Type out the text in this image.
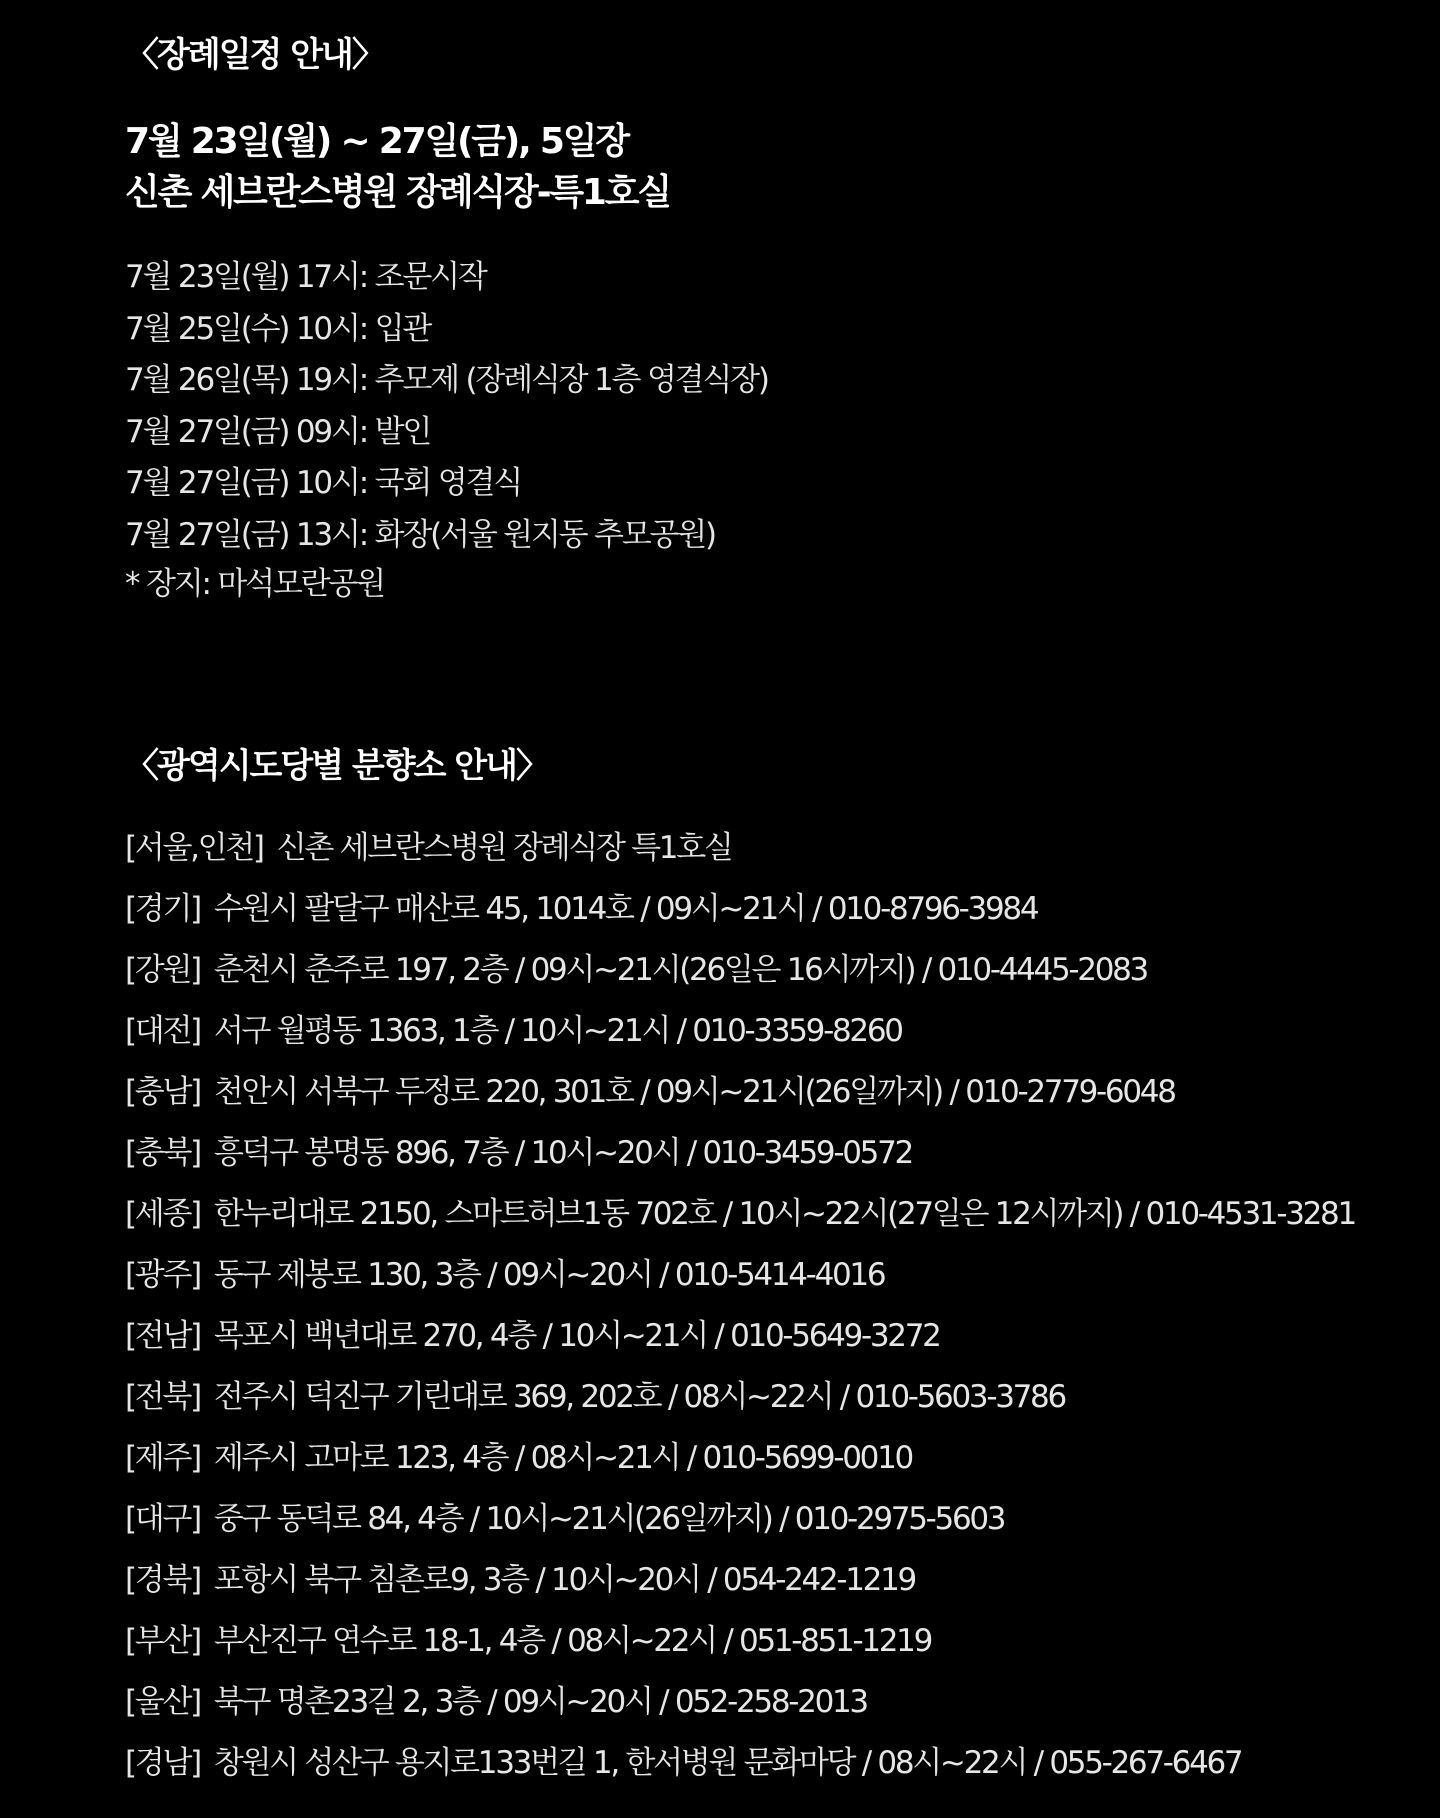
〈장례일정 안내〉
7월 23일(월) ~ 27일(금), 5일장
신촌 세브란스병원 장례식장-특1호실
7월 23일(월) 17시: 조문시작
7월 25일(수) 10시: 입관
7월 26일(목) 19시: 추모제 (장례식장 1층 영결식장)
7월 27일(금) 09시: 발인
7월 27일(금) 10시: 국회 영결식
7월 27일(금) 13시: 화장(서울 원지동 추모공원)
* 장지: 마석모란공원
〈광역시도당별 분향소 안내〉
[서울,인천] 신촌 세브란스병원 장례식장 특1호실
[경기] 수원시 팔달구 매산로 45, 1014호 / 09시~21시 / 010-8796-3984
[강원] 춘천시 춘주로 197, 2층 / 09시~21시(26일은 16시까지) / 010-4445-2083
[대전] 서구 월평동 1363, 1층 / 10시~21시 / 010-3359-8260
[충남] 천안시 서북구 두정로 220, 301호 / 09시~21시(26일까지) / 010-2779-6048
[충북] 흥덕구 봉명동 896, 7층 / 10시~20시 / 010-3459-0572
[세종] 한누리대로 2150, 스마트허브1동 702호 / 10시~22시(27일은 12시까지) / 010-4531-3281
[광주] 동구 제봉로 130, 3층 / 09시~20시 / 010-5414-4016
[전남] 목포시 백년대로 270, 4층 / 10시~21시 / 010-5649-3272
[전북] 전주시 덕진구 기린대로 369, 202호 / 08시~22시 / 010-5603-3786
[제주] 제주시 고마로 123, 4층 / 08시~21시 / 010-5699-0010
[대구] 중구 동덕로 84, 4층 / 10시~21시(26일까지) / 010-2975-5603
[경북] 포항시 북구 침촌로9, 3층 / 10시~20시 / 054-242-1219
[부산] 부산진구 연수로 18-1, 4층 / 08시~22시 / 051-851-1219
[울산] 북구 명촌23길 2, 3층 / 09시~20시 / 052-258-2013
[경남] 창원시 성산구 용지로133번길 1, 한서병원 문화마당 / 08시~22시 / 055-267-6467
